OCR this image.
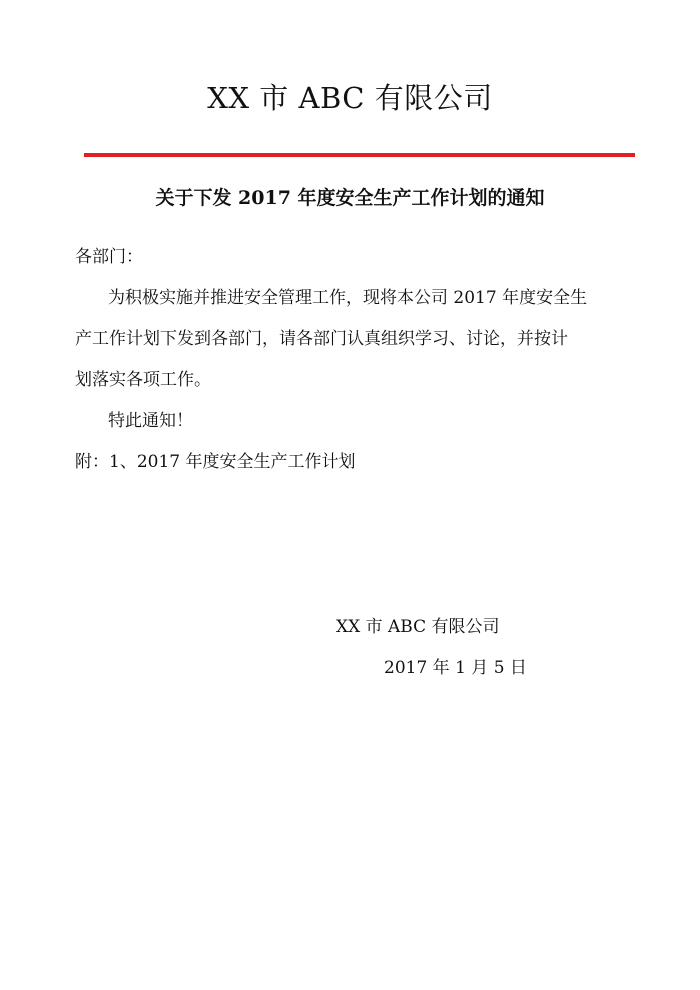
XX 市 ABC 有限公司
关于下发 2017 年度安全生产工作计划的通知
各部门：
为积极实施并推进安全管理工作，现将本公司 2017 年度安全生
产工作计划下发到各部门，请各部门认真组织学习、讨论，并按计
划落实各项工作。
特此通知！
附：1、2017 年度安全生产工作计划
XX 市 ABC 有限公司
2017 年 1 月 5 日
